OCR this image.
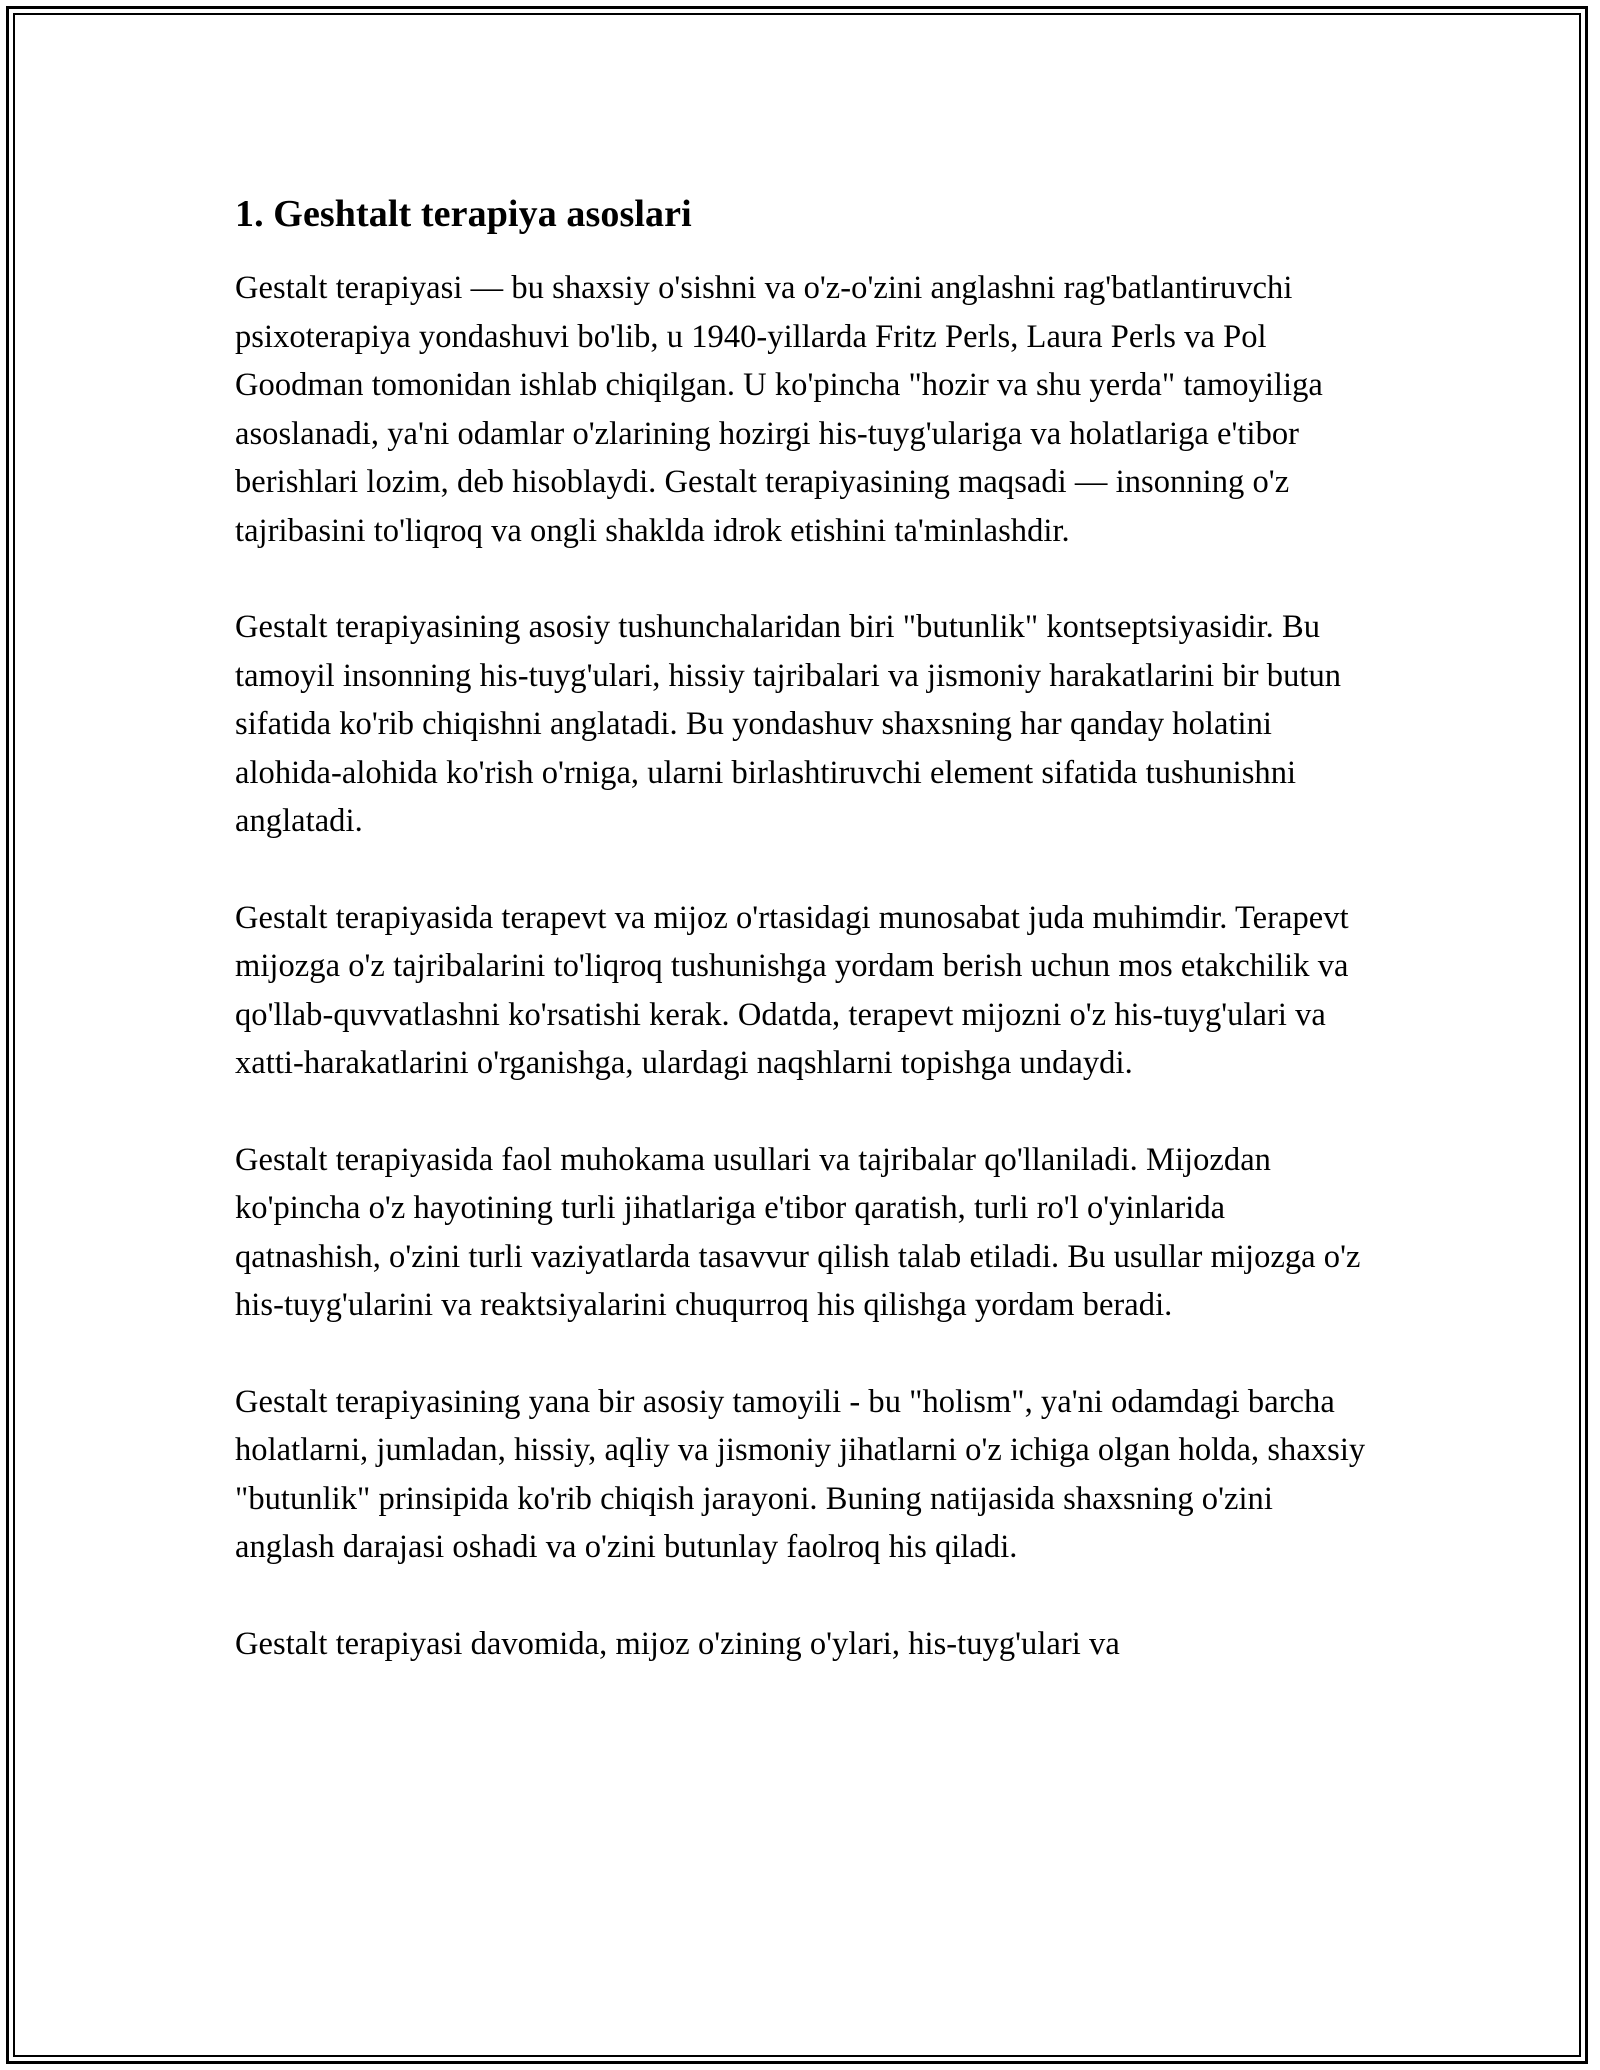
1. Geshtalt terapiya asoslari

Gestalt terapiyasi — bu shaxsiy o'sishni va o'z-o'zini anglashni rag'batlantiruvchi psixoterapiya yondashuvi bo'lib, u 1940-yillarda Fritz Perls, Laura Perls va Pol Goodman tomonidan ishlab chiqilgan. U ko'pincha "hozir va shu yerda" tamoyiliga asoslanadi, ya'ni odamlar o'zlarining hozirgi his-tuyg'ulariga va holatlariga e'tibor berishlari lozim, deb hisoblaydi. Gestalt terapiyasining maqsadi — insonning o'z tajribasini to'liqroq va ongli shaklda idrok etishini ta'minlashdir.

Gestalt terapiyasining asosiy tushunchalaridan biri "butunlik" kontseptsiyasidir. Bu tamoyil insonning his-tuyg'ulari, hissiy tajribalari va jismoniy harakatlarini bir butun sifatida ko'rib chiqishni anglatadi. Bu yondashuv shaxsning har qanday holatini alohida-alohida ko'rish o'rniga, ularni birlashtiruvchi element sifatida tushunishni anglatadi.

Gestalt terapiyasida terapevt va mijoz o'rtasidagi munosabat juda muhimdir. Terapevt mijozga o'z tajribalarini to'liqroq tushunishga yordam berish uchun mos etakchilik va qo'llab-quvvatlashni ko'rsatishi kerak. Odatda, terapevt mijozni o'z his-tuyg'ulari va xatti-harakatlarini o'rganishga, ulardagi naqshlarni topishga undaydi.

Gestalt terapiyasida faol muhokama usullari va tajribalar qo'llaniladi. Mijozdan ko'pincha o'z hayotining turli jihatlariga e'tibor qaratish, turli ro'l o'yinlarida qatnashish, o'zini turli vaziyatlarda tasavvur qilish talab etiladi. Bu usullar mijozga o'z his-tuyg'ularini va reaktsiyalarini chuqurroq his qilishga yordam beradi.

Gestalt terapiyasining yana bir asosiy tamoyili - bu "holism", ya'ni odamdagi barcha holatlarni, jumladan, hissiy, aqliy va jismoniy jihatlarni o'z ichiga olgan holda, shaxsiy "butunlik" prinsipida ko'rib chiqish jarayoni. Buning natijasida shaxsning o'zini anglash darajasi oshadi va o'zini butunlay faolroq his qiladi.

Gestalt terapiyasi davomida, mijoz o'zining o'ylari, his-tuyg'ulari va
